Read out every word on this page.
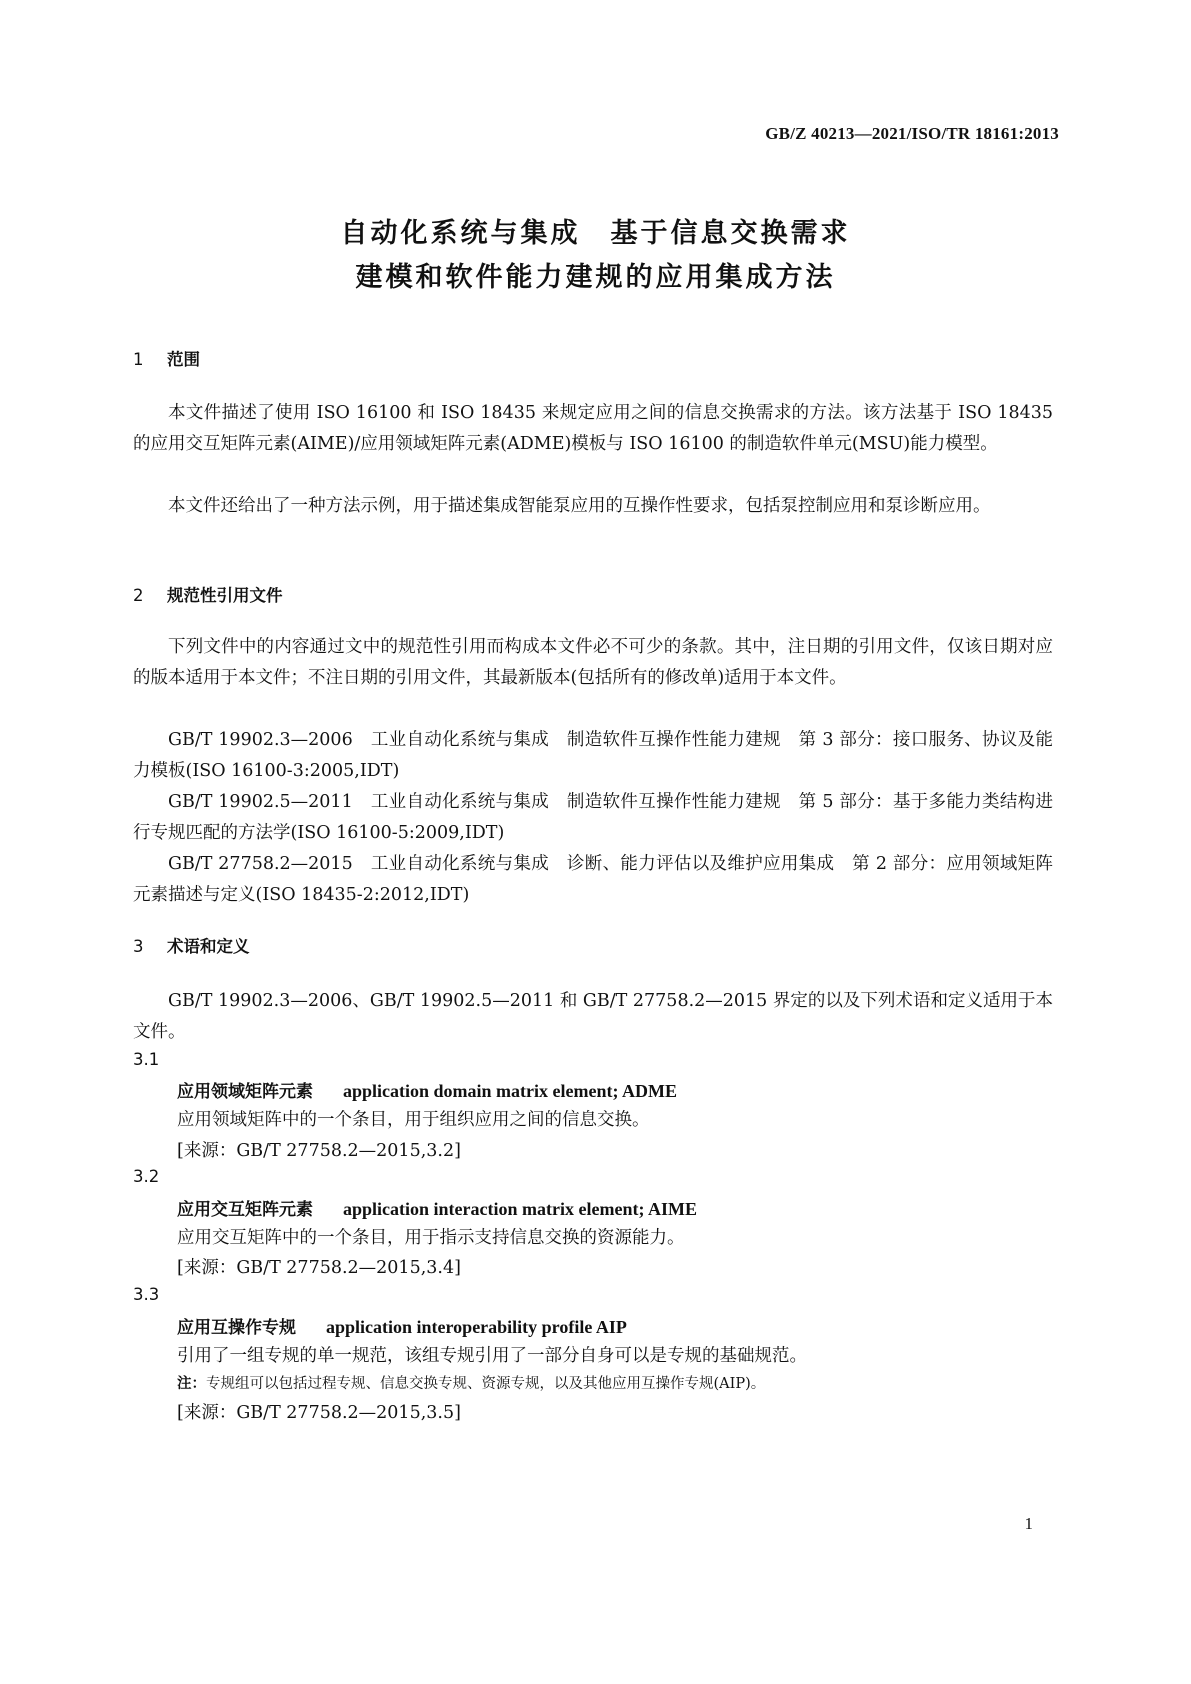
GB/Z 40213—2021/ISO/TR 18161:2013
自动化系统与集成　基于信息交换需求
建模和软件能力建规的应用集成方法
1 范围
本文件描述了使用 ISO 16100 和 ISO 18435 来规定应用之间的信息交换需求的方法。该方法基于 ISO 18435 的应用交互矩阵元素(AIME)/应用领域矩阵元素(ADME)模板与 ISO 16100 的制造软件单元(MSU)能力模型。
本文件还给出了一种方法示例，用于描述集成智能泵应用的互操作性要求，包括泵控制应用和泵诊断应用。
2 规范性引用文件
下列文件中的内容通过文中的规范性引用而构成本文件必不可少的条款。其中，注日期的引用文件，仅该日期对应的版本适用于本文件；不注日期的引用文件，其最新版本(包括所有的修改单)适用于本文件。
GB/T 19902.3—2006　工业自动化系统与集成　制造软件互操作性能力建规　第 3 部分：接口服务、协议及能力模板(ISO 16100-3:2005,IDT)
GB/T 19902.5—2011　工业自动化系统与集成　制造软件互操作性能力建规　第 5 部分：基于多能力类结构进行专规匹配的方法学(ISO 16100-5:2009,IDT)
GB/T 27758.2—2015　工业自动化系统与集成　诊断、能力评估以及维护应用集成　第 2 部分：应用领域矩阵元素描述与定义(ISO 18435-2:2012,IDT)
3 术语和定义
GB/T 19902.3—2006、GB/T 19902.5—2011 和 GB/T 27758.2—2015 界定的以及下列术语和定义适用于本文件。
3.1
应用领域矩阵元素 application domain matrix element; ADME
应用领域矩阵中的一个条目，用于组织应用之间的信息交换。
[来源：GB/T 27758.2—2015,3.2]
3.2
应用交互矩阵元素 application interaction matrix element; AIME
应用交互矩阵中的一个条目，用于指示支持信息交换的资源能力。
[来源：GB/T 27758.2—2015,3.4]
3.3
应用互操作专规 application interoperability profile AIP
引用了一组专规的单一规范，该组专规引用了一部分自身可以是专规的基础规范。
注：专规组可以包括过程专规、信息交换专规、资源专规，以及其他应用互操作专规(AIP)。
[来源：GB/T 27758.2—2015,3.5]
1
